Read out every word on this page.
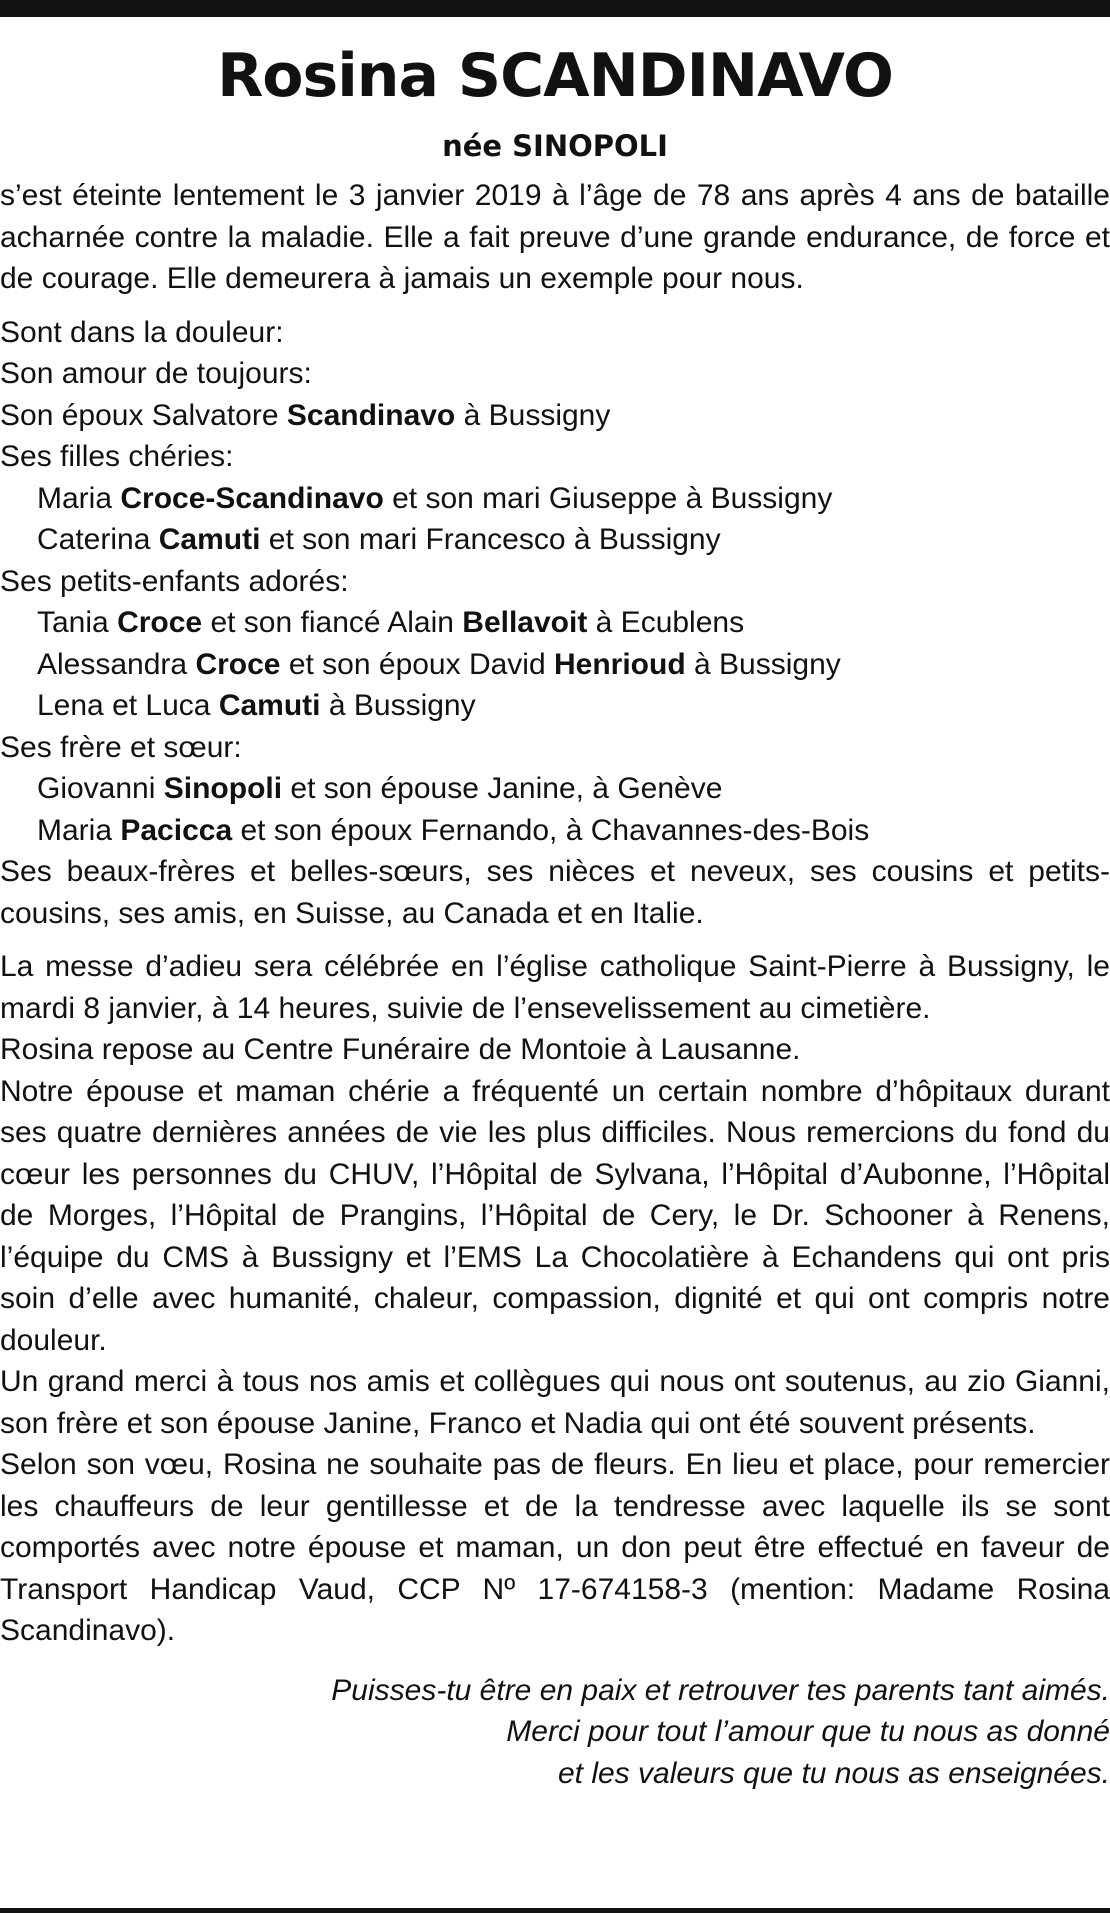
Rosina SCANDINAVO
née SINOPOLI

s’est éteinte lentement le 3 janvier 2019 à l’âge de 78 ans après 4 ans de bataille acharnée contre la maladie. Elle a fait preuve d’une grande endurance, de force et de courage. Elle demeurera à jamais un exemple pour nous.

Sont dans la douleur:
Son amour de toujours:
Son époux Salvatore Scandinavo à Bussigny
Ses filles chéries:
Maria Croce-Scandinavo et son mari Giuseppe à Bussigny
Caterina Camuti et son mari Francesco à Bussigny
Ses petits-enfants adorés:
Tania Croce et son fiancé Alain Bellavoit à Ecublens
Alessandra Croce et son époux David Henrioud à Bussigny
Lena et Luca Camuti à Bussigny
Ses frère et sœur:
Giovanni Sinopoli et son épouse Janine, à Genève
Maria Pacicca et son époux Fernando, à Chavannes-des-Bois

Ses beaux-frères et belles-sœurs, ses nièces et neveux, ses cousins et petits-cousins, ses amis, en Suisse, au Canada et en Italie.

La messe d’adieu sera célébrée en l’église catholique Saint-Pierre à Bussigny, le mardi 8 janvier, à 14 heures, suivie de l’ensevelissement au cimetière.

Rosina repose au Centre Funéraire de Montoie à Lausanne.

Notre épouse et maman chérie a fréquenté un certain nombre d’hôpitaux durant ses quatre dernières années de vie les plus difficiles. Nous remercions du fond du cœur les personnes du CHUV, l’Hôpital de Sylvana, l’Hôpital d’Aubonne, l’Hôpital de Morges, l’Hôpital de Prangins, l’Hôpital de Cery, le Dr. Schooner à Renens, l’équipe du CMS à Bussigny et l’EMS La Chocolatière à Echandens qui ont pris soin d’elle avec humanité, chaleur, compassion, dignité et qui ont compris notre douleur.

Un grand merci à tous nos amis et collègues qui nous ont soutenus, au zio Gianni, son frère et son épouse Janine, Franco et Nadia qui ont été souvent présents.

Selon son vœu, Rosina ne souhaite pas de fleurs. En lieu et place, pour remercier les chauffeurs de leur gentillesse et de la tendresse avec laquelle ils se sont comportés avec notre épouse et maman, un don peut être effectué en faveur de Transport Handicap Vaud, CCP Nº 17-674158-3 (mention: Madame Rosina Scandinavo).

Puisses-tu être en paix et retrouver tes parents tant aimés.
Merci pour tout l’amour que tu nous as donné
et les valeurs que tu nous as enseignées.
